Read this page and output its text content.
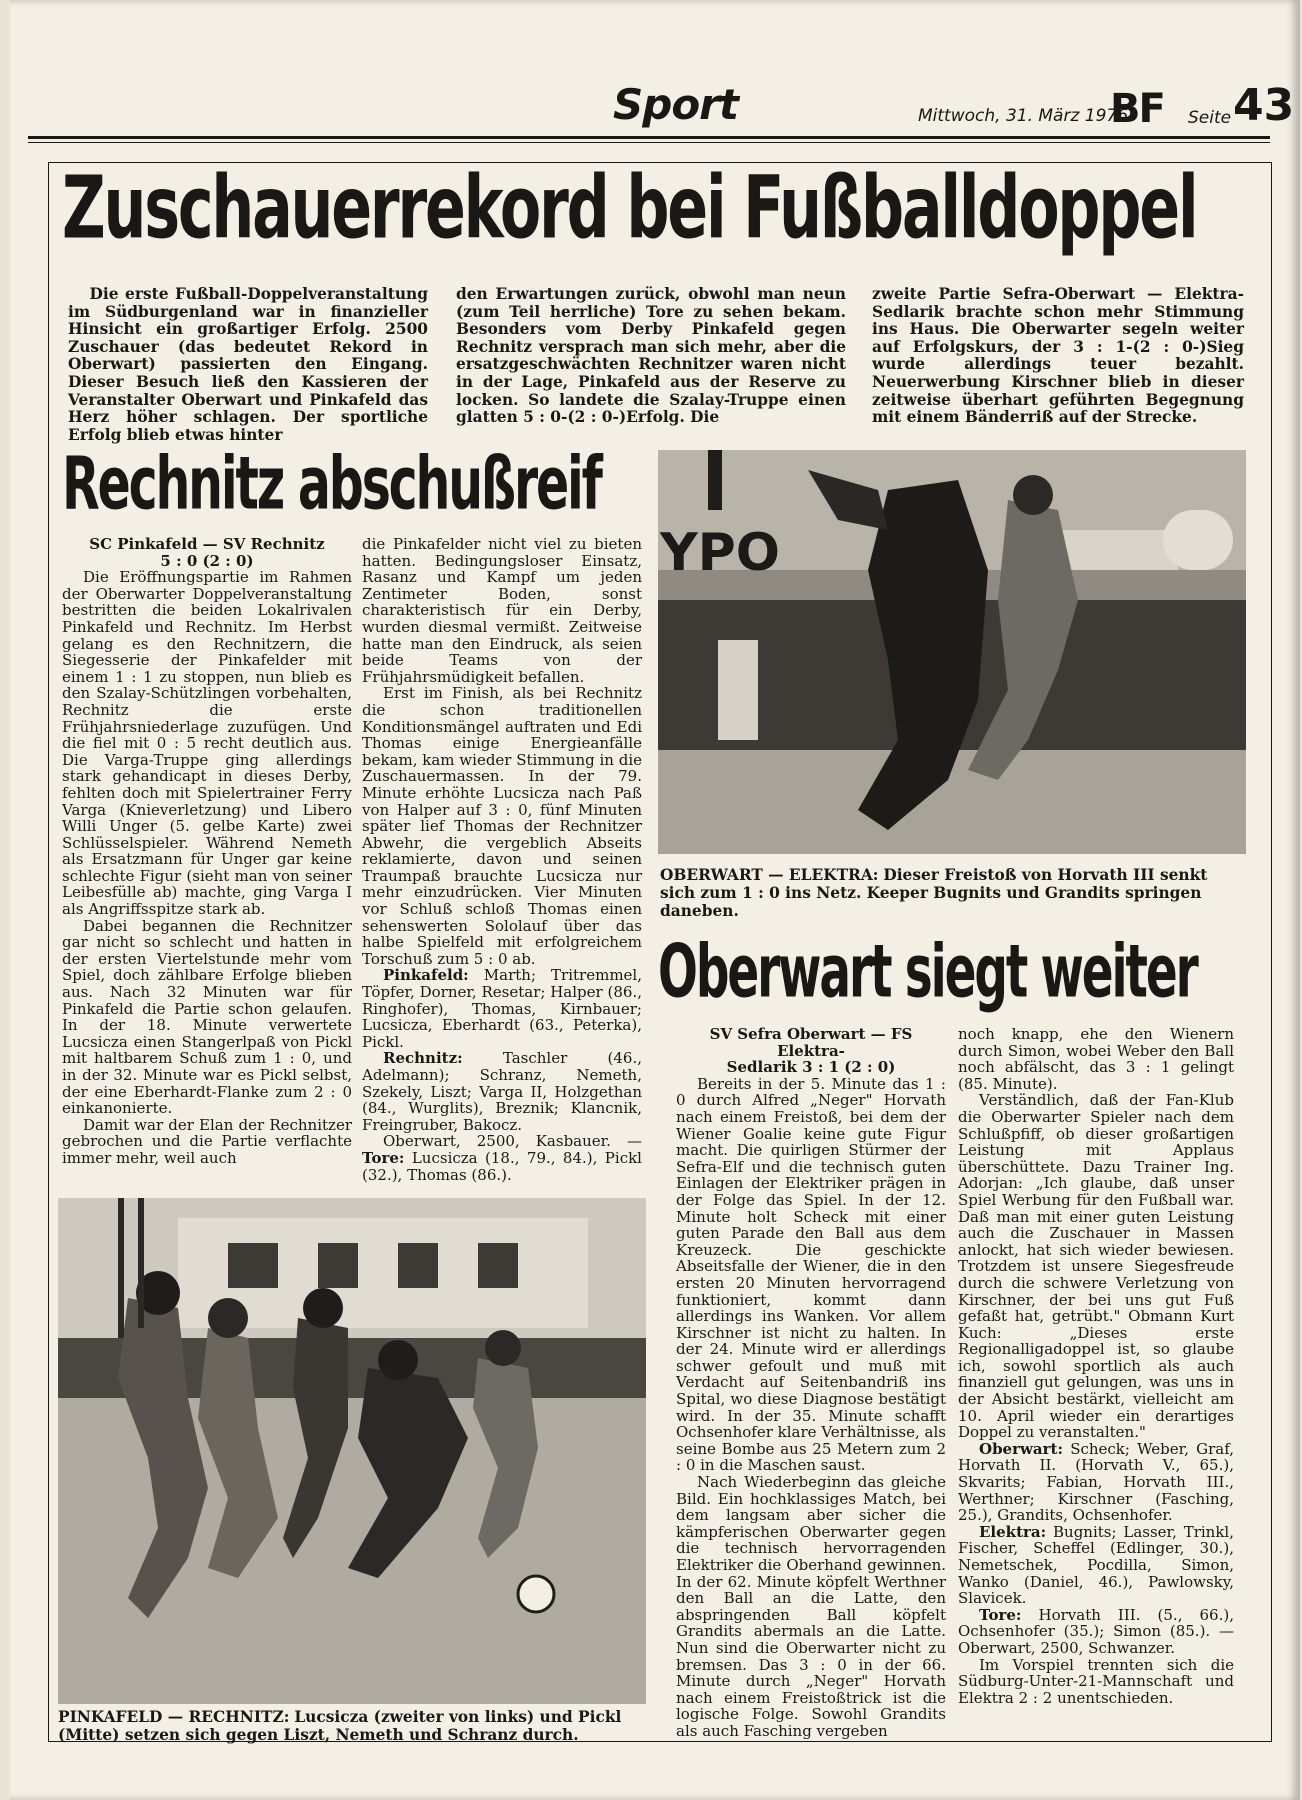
Sport	Mittwoch, 31. März 1976
BF Seite 43
Zuschauerrekord bei Fußballdoppel

Die erste Fußball-Doppelveranstaltung im Südburgenland war in finanzieller Hinsicht ein großartiger Erfolg. 2500 Zuschauer (das bedeutet Rekord in Oberwart) passierten den Eingang. Dieser Besuch ließ den Kassieren der Veranstalter Oberwart und Pinkafeld das Herz höher schlagen. Der sportliche Erfolg blieb etwas hinter

den Erwartungen zurück, obwohl man neun (zum Teil herrliche) Tore zu sehen bekam. Besonders vom Derby Pinkafeld gegen Rechnitz versprach man sich mehr, aber die ersatzgeschwächten Rechnitzer waren nicht in der Lage, Pinkafeld aus der Reserve zu locken. So landete die Szalay-Truppe einen glatten 5 : 0-(2 : 0-)Erfolg. Die

zweite Partie Sefra-Oberwart — Elektra-Sedlarik brachte schon mehr Stimmung ins Haus. Die Oberwarter segeln weiter auf Erfolgskurs, der 3 : 1-(2 : 0-)Sieg wurde allerdings teuer bezahlt. Neuerwerbung Kirschner blieb in dieser zeitweise überhart geführten Begegnung mit einem Bänderriß auf der Strecke.

Rechnitz abschußreif

SC Pinkafeld — SV Rechnitz

5 : 0 (2 : 0)

Die Eröffnungspartie im Rahmen der Oberwarter Doppelveranstaltung bestritten die beiden Lokalrivalen Pinkafeld und Rechnitz. Im Herbst gelang es den Rechnitzern, die Siegesserie der Pinkafelder mit einem 1 : 1 zu stoppen, nun blieb es den Szalay-Schützlingen vorbehalten, Rechnitz die erste Frühjahrsniederlage zuzufügen. Und die fiel mit 0 : 5 recht deutlich aus. Die Varga-Truppe ging allerdings stark gehandicapt in dieses Derby, fehlten doch mit Spielertrainer Ferry Varga (Knieverletzung) und Libero Willi Unger (5. gelbe Karte) zwei Schlüsselspieler. Während Nemeth als Ersatzmann für Unger gar keine schlechte Figur (sieht man von seiner Leibesfülle ab) machte, ging Varga I als Angriffsspitze stark ab.

Dabei begannen die Rechnitzer gar nicht so schlecht und hatten in der ersten Viertelstunde mehr vom Spiel, doch zählbare Erfolge blieben aus. Nach 32 Minuten war für Pinkafeld die Partie schon gelaufen. In der 18. Minute verwertete Lucsicza einen Stangerlpaß von Pickl mit haltbarem Schuß zum 1 : 0, und in der 32. Minute war es Pickl selbst, der eine Eberhardt-Flanke zum 2 : 0 einkanonierte.

Damit war der Elan der Rechnitzer gebrochen und die Partie verflachte immer mehr, weil auch

die Pinkafelder nicht viel zu bieten hatten. Bedingungsloser Einsatz, Rasanz und Kampf um jeden Zentimeter Boden, sonst charakteristisch für ein Derby, wurden diesmal vermißt. Zeitweise hatte man den Eindruck, als seien beide Teams von der Frühjahrsmüdigkeit befallen.

Erst im Finish, als bei Rechnitz die schon traditionellen Konditionsmängel auftraten und Edi Thomas einige Energieanfälle bekam, kam wieder Stimmung in die Zuschauermassen. In der 79. Minute erhöhte Lucsicza nach Paß von Halper auf 3 : 0, fünf Minuten später lief Thomas der Rechnitzer Abwehr, die vergeblich Abseits reklamierte, davon und seinen Traumpaß brauchte Lucsicza nur mehr einzudrücken. Vier Minuten vor Schluß schloß Thomas einen sehenswerten Sololauf über das halbe Spielfeld mit erfolgreichem Torschuß zum 5 : 0 ab.

Pinkafeld: Marth; Tritremmel, Töpfer, Dorner, Resetar; Halper (86., Ringhofer), Thomas, Kirnbauer; Lucsicza, Eberhardt (63., Peterka), Pickl.

Rechnitz:	Taschler (46., Adelmann); Schranz, Nemeth, Szekely, Liszt; Varga II, Holzgethan (84., Wurglits), Breznik; Klancnik, Freingruber, Bakocz.

Oberwart, 2500, Kasbauer. — Tore: Lucsicza (18., 79., 84.), Pickl (32.), Thomas (86.).

YPO
OBERWART — ELEKTRA: Dieser Freistoß von Horvath III senkt sich zum 1 : 0 ins Netz. Keeper Bugnits und Grandits springen daneben.
Oberwart siegt weiter

SV Sefra Oberwart — FS Elektra-

Sedlarik 3 : 1 (2 : 0)

Bereits in der 5. Minute das 1 : 0 durch Alfred „Neger" Horvath nach einem Freistoß, bei dem der Wiener Goalie keine gute Figur macht. Die quirligen Stürmer der Sefra-Elf und die technisch guten Einlagen der Elektriker prägen in der Folge das Spiel. In der 12. Minute holt Scheck mit einer guten Parade den Ball aus dem Kreuzeck. Die geschickte Abseitsfalle der Wiener, die in den ersten 20 Minuten hervorragend funktioniert, kommt dann allerdings ins Wanken. Vor allem Kirschner ist nicht zu halten. In der 24. Minute wird er allerdings schwer gefoult und muß mit Verdacht auf Seitenbandriß ins Spital, wo diese Diagnose bestätigt wird. In der 35. Minute schafft Ochsenhofer klare Verhältnisse, als seine Bombe aus 25 Metern zum 2 : 0 in die Maschen saust.

Nach Wiederbeginn das gleiche Bild. Ein hochklassiges Match, bei dem langsam aber sicher die kämpferischen Oberwarter gegen die technisch hervorragenden Elektriker die Oberhand gewinnen. In der 62. Minute köpfelt Werthner den Ball an die Latte, den abspringenden Ball köpfelt Grandits abermals an die Latte. Nun sind die Oberwarter nicht zu bremsen. Das 3 : 0 in der 66. Minute durch „Neger" Horvath nach einem Freistoßtrick ist die logische Folge. Sowohl Grandits als auch Fasching vergeben

noch knapp, ehe den Wienern durch Simon, wobei Weber den Ball noch abfälscht, das 3 : 1 gelingt (85. Minute).

Verständlich, daß der Fan-Klub die Oberwarter Spieler nach dem Schlußpfiff, ob dieser großartigen Leistung mit Applaus überschüttete. Dazu Trainer Ing. Adorjan: „Ich glaube, daß unser Spiel Werbung für den Fußball war. Daß man mit einer guten Leistung auch die Zuschauer in Massen anlockt, hat sich wieder bewiesen. Trotzdem ist unsere Siegesfreude durch die schwere Verletzung von Kirschner, der bei uns gut Fuß gefaßt hat, getrübt." Obmann Kurt Kuch: „Dieses erste Regionalligadoppel ist, so glaube ich, sowohl sportlich als auch finanziell gut gelungen, was uns in der Absicht bestärkt, vielleicht am 10. April wieder ein derartiges Doppel zu veranstalten."

Oberwart: Scheck; Weber, Graf, Horvath II. (Horvath V., 65.), Skvarits; Fabian, Horvath III., Werthner; Kirschner (Fasching, 25.), Grandits, Ochsenhofer.

Elektra: Bugnits; Lasser, Trinkl, Fischer, Scheffel (Edlinger, 30.), Nemetschek, Pocdilla, Simon, Wanko (Daniel, 46.), Pawlowsky, Slavicek.

Tore: Horvath III. (5., 66.), Ochsenhofer (35.); Simon (85.). — Oberwart, 2500, Schwanzer.

Im Vorspiel trennten sich die Südburg-Unter-21-Mannschaft und Elektra 2 : 2 unentschieden.

PINKAFELD — RECHNITZ: Lucsicza (zweiter von links) und Pickl (Mitte) setzen sich gegen Liszt, Nemeth und Schranz durch.
